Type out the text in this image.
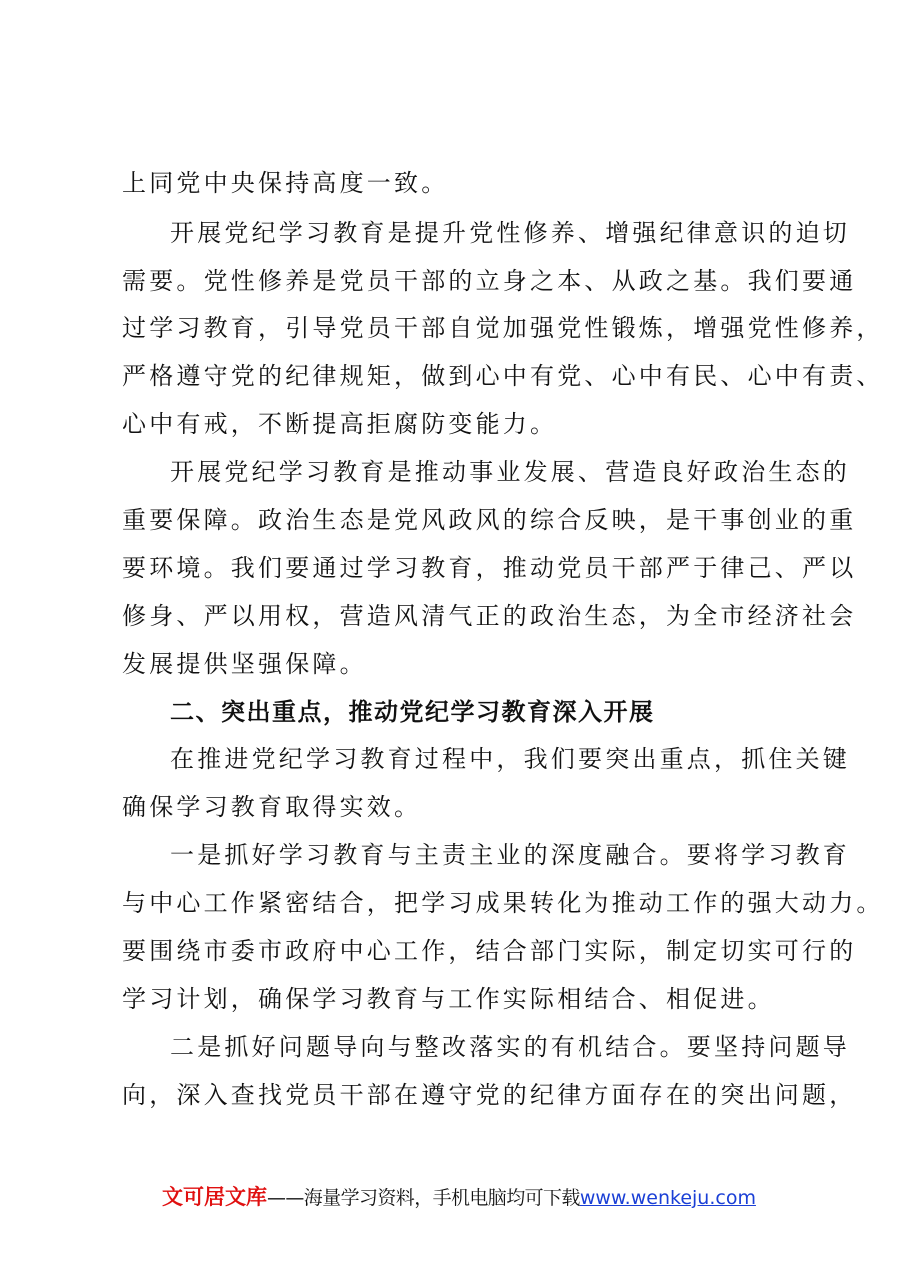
上同党中央保持高度一致。
开展党纪学习教育是提升党性修养、增强纪律意识的迫切
需要。党性修养是党员干部的立身之本、从政之基。我们要通
过学习教育，引导党员干部自觉加强党性锻炼，增强党性修养，
严格遵守党的纪律规矩，做到心中有党、心中有民、心中有责、
心中有戒，不断提高拒腐防变能力。
开展党纪学习教育是推动事业发展、营造良好政治生态的
重要保障。政治生态是党风政风的综合反映，是干事创业的重
要环境。我们要通过学习教育，推动党员干部严于律己、严以
修身、严以用权，营造风清气正的政治生态，为全市经济社会
发展提供坚强保障。
二、突出重点，推动党纪学习教育深入开展
在推进党纪学习教育过程中，我们要突出重点，抓住关键
确保学习教育取得实效。
一是抓好学习教育与主责主业的深度融合。要将学习教育
与中心工作紧密结合，把学习成果转化为推动工作的强大动力。
要围绕市委市政府中心工作，结合部门实际，制定切实可行的
学习计划，确保学习教育与工作实际相结合、相促进。
二是抓好问题导向与整改落实的有机结合。要坚持问题导
向，深入查找党员干部在遵守党的纪律方面存在的突出问题，
文可居文库——海量学习资料，手机电脑均可下载www.wenkeju.com
